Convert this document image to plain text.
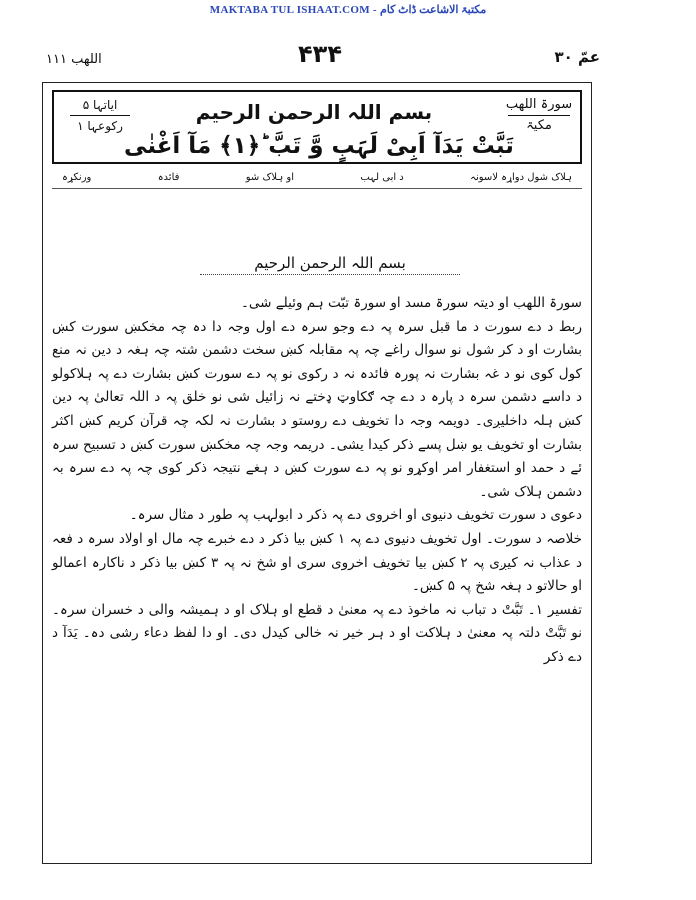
MAKTABA TUL ISHAAT.COM - مکتبۃ الاشاعت ڈاٹ کام
اللھب ۱۱۱	۴۳۴	عمّ ۳۰
سورۃ اللھب
مکیۃ
بسم اللہ الرحمن الرحیم
ایاتہا ۵
رکوعہا ۱
تَبَّتْ یَدَآ اَبِیْ لَہَبٍ وَّ تَبَّ ؕ﴿۱﴾ مَآ اَغْنٰی
ہلاک شول دواړہ لاسونہ
د ابی لہب
او ہلاک شو
فائدہ
ورنکړہ
بسم اللہ الرحمن الرحیم

سورۃ اللھب او دیتہ سورۃ مسد او سورۃ تبّت ہم وئیلے شی۔

ربط د دے سورت د ما قبل سرہ پہ دے وجو سرہ دے اول وجہ دا دہ چہ مخکښ سورت کښ بشارت او د کر شول نو سوال راغے چہ پہ مقابلہ کښ سخت دشمن شتہ چہ ہغہ د دین نہ منع کول کوی نو د غہ بشارت نہ پورہ فائدہ نہ د رکوی نو پہ دے سورت کښ بشارت دے پہ ہلاکولو د داسے دشمن سرہ د پارہ د دے چہ ګکاوټ ډختے نہ زائیل شی نو خلق پہ د اللہ تعالیٰ پہ دین کښ ہلہ داخلیږی۔ دویمہ وجہ دا تخویف دے روستو د بشارت نہ لکہ چہ قرآن کریم کښ اکثر بشارت او تخویف یو ښل پسے ذکر کیدا یشی۔ دریمہ وجہ چہ مخکښ سورت کښ د تسبیح سرہ ئے د حمد او استغفار امر اوکړو نو پہ دے سورت کښ د ہغے نتیجہ ذکر کوی چہ پہ دے سرہ بہ دشمن ہلاک شی۔

دعوی د سورت تخویف دنیوی او اخروی دے پہ ذکر د ابولہب پہ طور د مثال سرہ۔

خلاصہ د سورت۔ اول تخویف دنیوی دے پہ ۱ کښ بیا ذکر د دے خبرے چہ مال او اولاد سرہ د فعہ د عذاب نہ کیږی پہ ۲ کښ بیا تخویف اخروی سری او شخ نہ پہ ۳ کښ بیا ذکر د ناکارہ اعمالو او حالاتو د ہغہ شخ پہ ۵ کښ۔

تفسیر ۱۔ تَبَّتْ د تباب نہ ماخوذ دے پہ معنیٰ د قطع او ہلاک او د ہمیشہ والی د خسران سرہ۔ نو تَبَّتْ دلتہ پہ معنیٰ د ہلاکت او د ہر خیر نہ خالی کیدل دی۔ او دا لفظ دعاء رشی دہ۔ یَدَآ د دے ذکر
